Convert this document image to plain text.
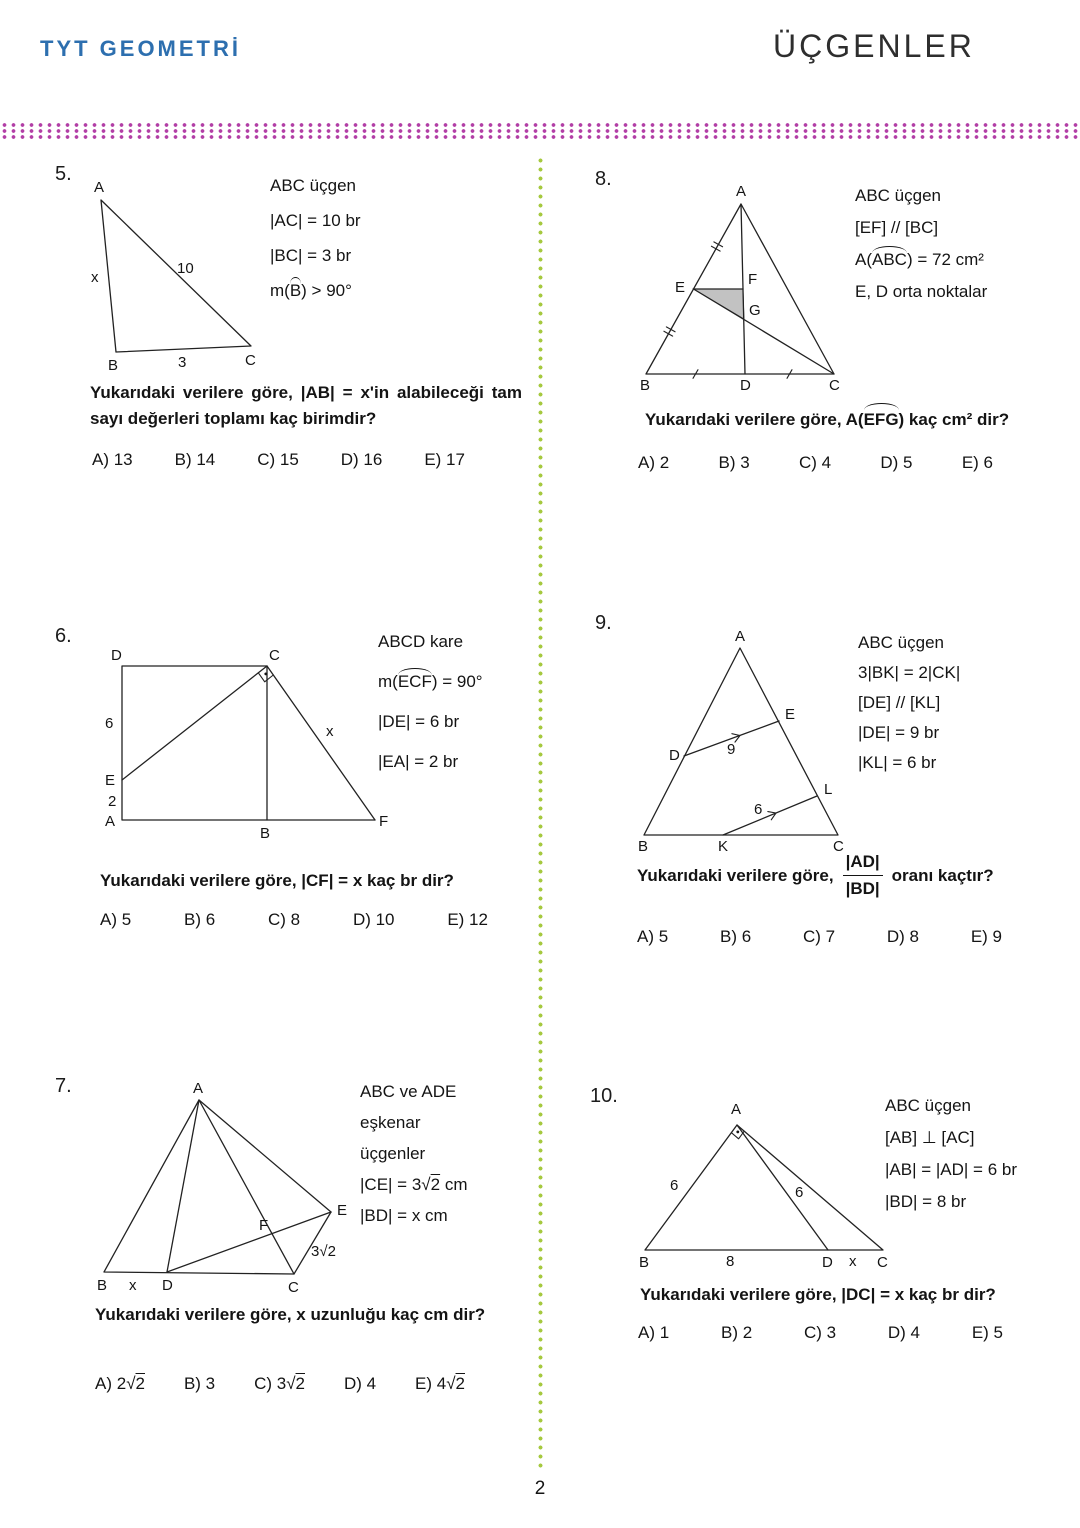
TYT GEOMETRİ	ÜÇGENLER
5.
A
B	C
x
10
3
ABC üçgen
|AC| = 10 br
|BC| = 3 br
m(B) > 90°
Yukarıdaki verilere göre, |AB| = x'in alabileceği tam sayı değerleri toplamı kaç birimdir?
A) 13 B) 14 C) 15 D) 16 E) 17
6.
D	C
6
E
2
A
B
F
x
ABCD kare
m(ECF) = 90°
|DE| = 6 br
|EA| = 2 br
Yukarıdaki verilere göre, |CF| = x kaç br dir?
A) 5	B) 6	C) 8	D) 10	E) 12
7.	A
B	C
D
E
F
x
3√2
ABC ve ADE
eşkenar
üçgenler
|CE| = 3√2 cm
|BD| = x cm
Yukarıdaki verilere göre, x uzunluğu kaç cm dir?
A) 2√2 B) 3 C) 3√2 D) 4 E) 4√2
8.
A
B	C
D
E	F
G
ABC üçgen
[EF] // [BC]
A(ABC) = 72 cm²
E, D orta noktalar
Yukarıdaki verilere göre, A(EFG) kaç cm² dir?
A) 2	B) 3	C) 4	D) 5	E) 6
9.
A
B	C
D
E
K
L
9
6
ABC üçgen
3|BK| = 2|CK|
[DE] // [KL]
|DE| = 9 br
|KL| = 6 br
Yukarıdaki verilere göre, $\frac{|AD|}{|BD|}$ oranı kaçtır?
A) 5	B) 6	C) 7	D) 8	E) 9
10.
A
B	C
D
6	6
8	x
ABC üçgen
[AB] ⊥ [AC]
|AB| = |AD| = 6 br
|BD| = 8 br
Yukarıdaki verilere göre, |DC| = x kaç br dir?
A) 1	B) 2	C) 3	D) 4	E) 5
2
